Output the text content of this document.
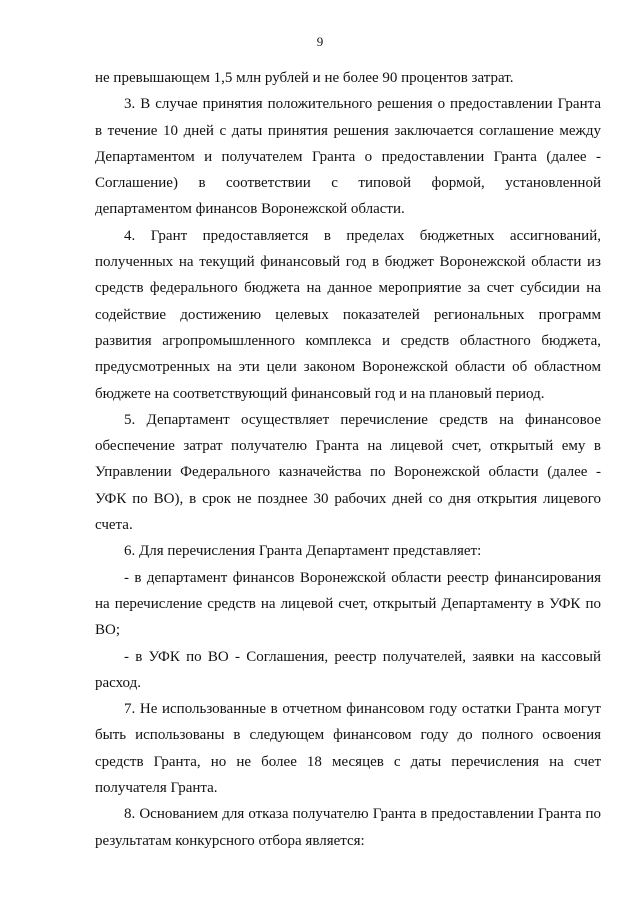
9

не превышающем 1,5 млн рублей и не более 90 процентов затрат.

3. В случае принятия положительного решения о предоставлении Гранта в течение 10 дней с даты принятия решения заключается соглашение между Департаментом и получателем Гранта о предоставлении Гранта (далее - Соглашение) в соответствии с типовой формой, установленной департаментом финансов Воронежской области.

4. Грант предоставляется в пределах бюджетных ассигнований, полученных на текущий финансовый год в бюджет Воронежской области из средств федерального бюджета на данное мероприятие за счет субсидии на содействие достижению целевых показателей региональных программ развития агропромышленного комплекса и средств областного бюджета, предусмотренных на эти цели законом Воронежской области об областном бюджете на соответствующий финансовый год и на плановый период.

5. Департамент осуществляет перечисление средств на финансовое обеспечение затрат получателю Гранта на лицевой счет, открытый ему в Управлении Федерального казначейства по Воронежской области (далее - УФК по ВО), в срок не позднее 30 рабочих дней со дня открытия лицевого счета.

6. Для перечисления Гранта Департамент представляет:

- в департамент финансов Воронежской области реестр финансирования на перечисление средств на лицевой счет, открытый Департаменту в УФК по ВО;

- в УФК по ВО - Соглашения, реестр получателей, заявки на кассовый расход.

7. Не использованные в отчетном финансовом году остатки Гранта могут быть использованы в следующем финансовом году до полного освоения средств Гранта, но не более 18 месяцев с даты перечисления на счет получателя Гранта.

8. Основанием для отказа получателю Гранта в предоставлении Гранта по результатам конкурсного отбора является:
